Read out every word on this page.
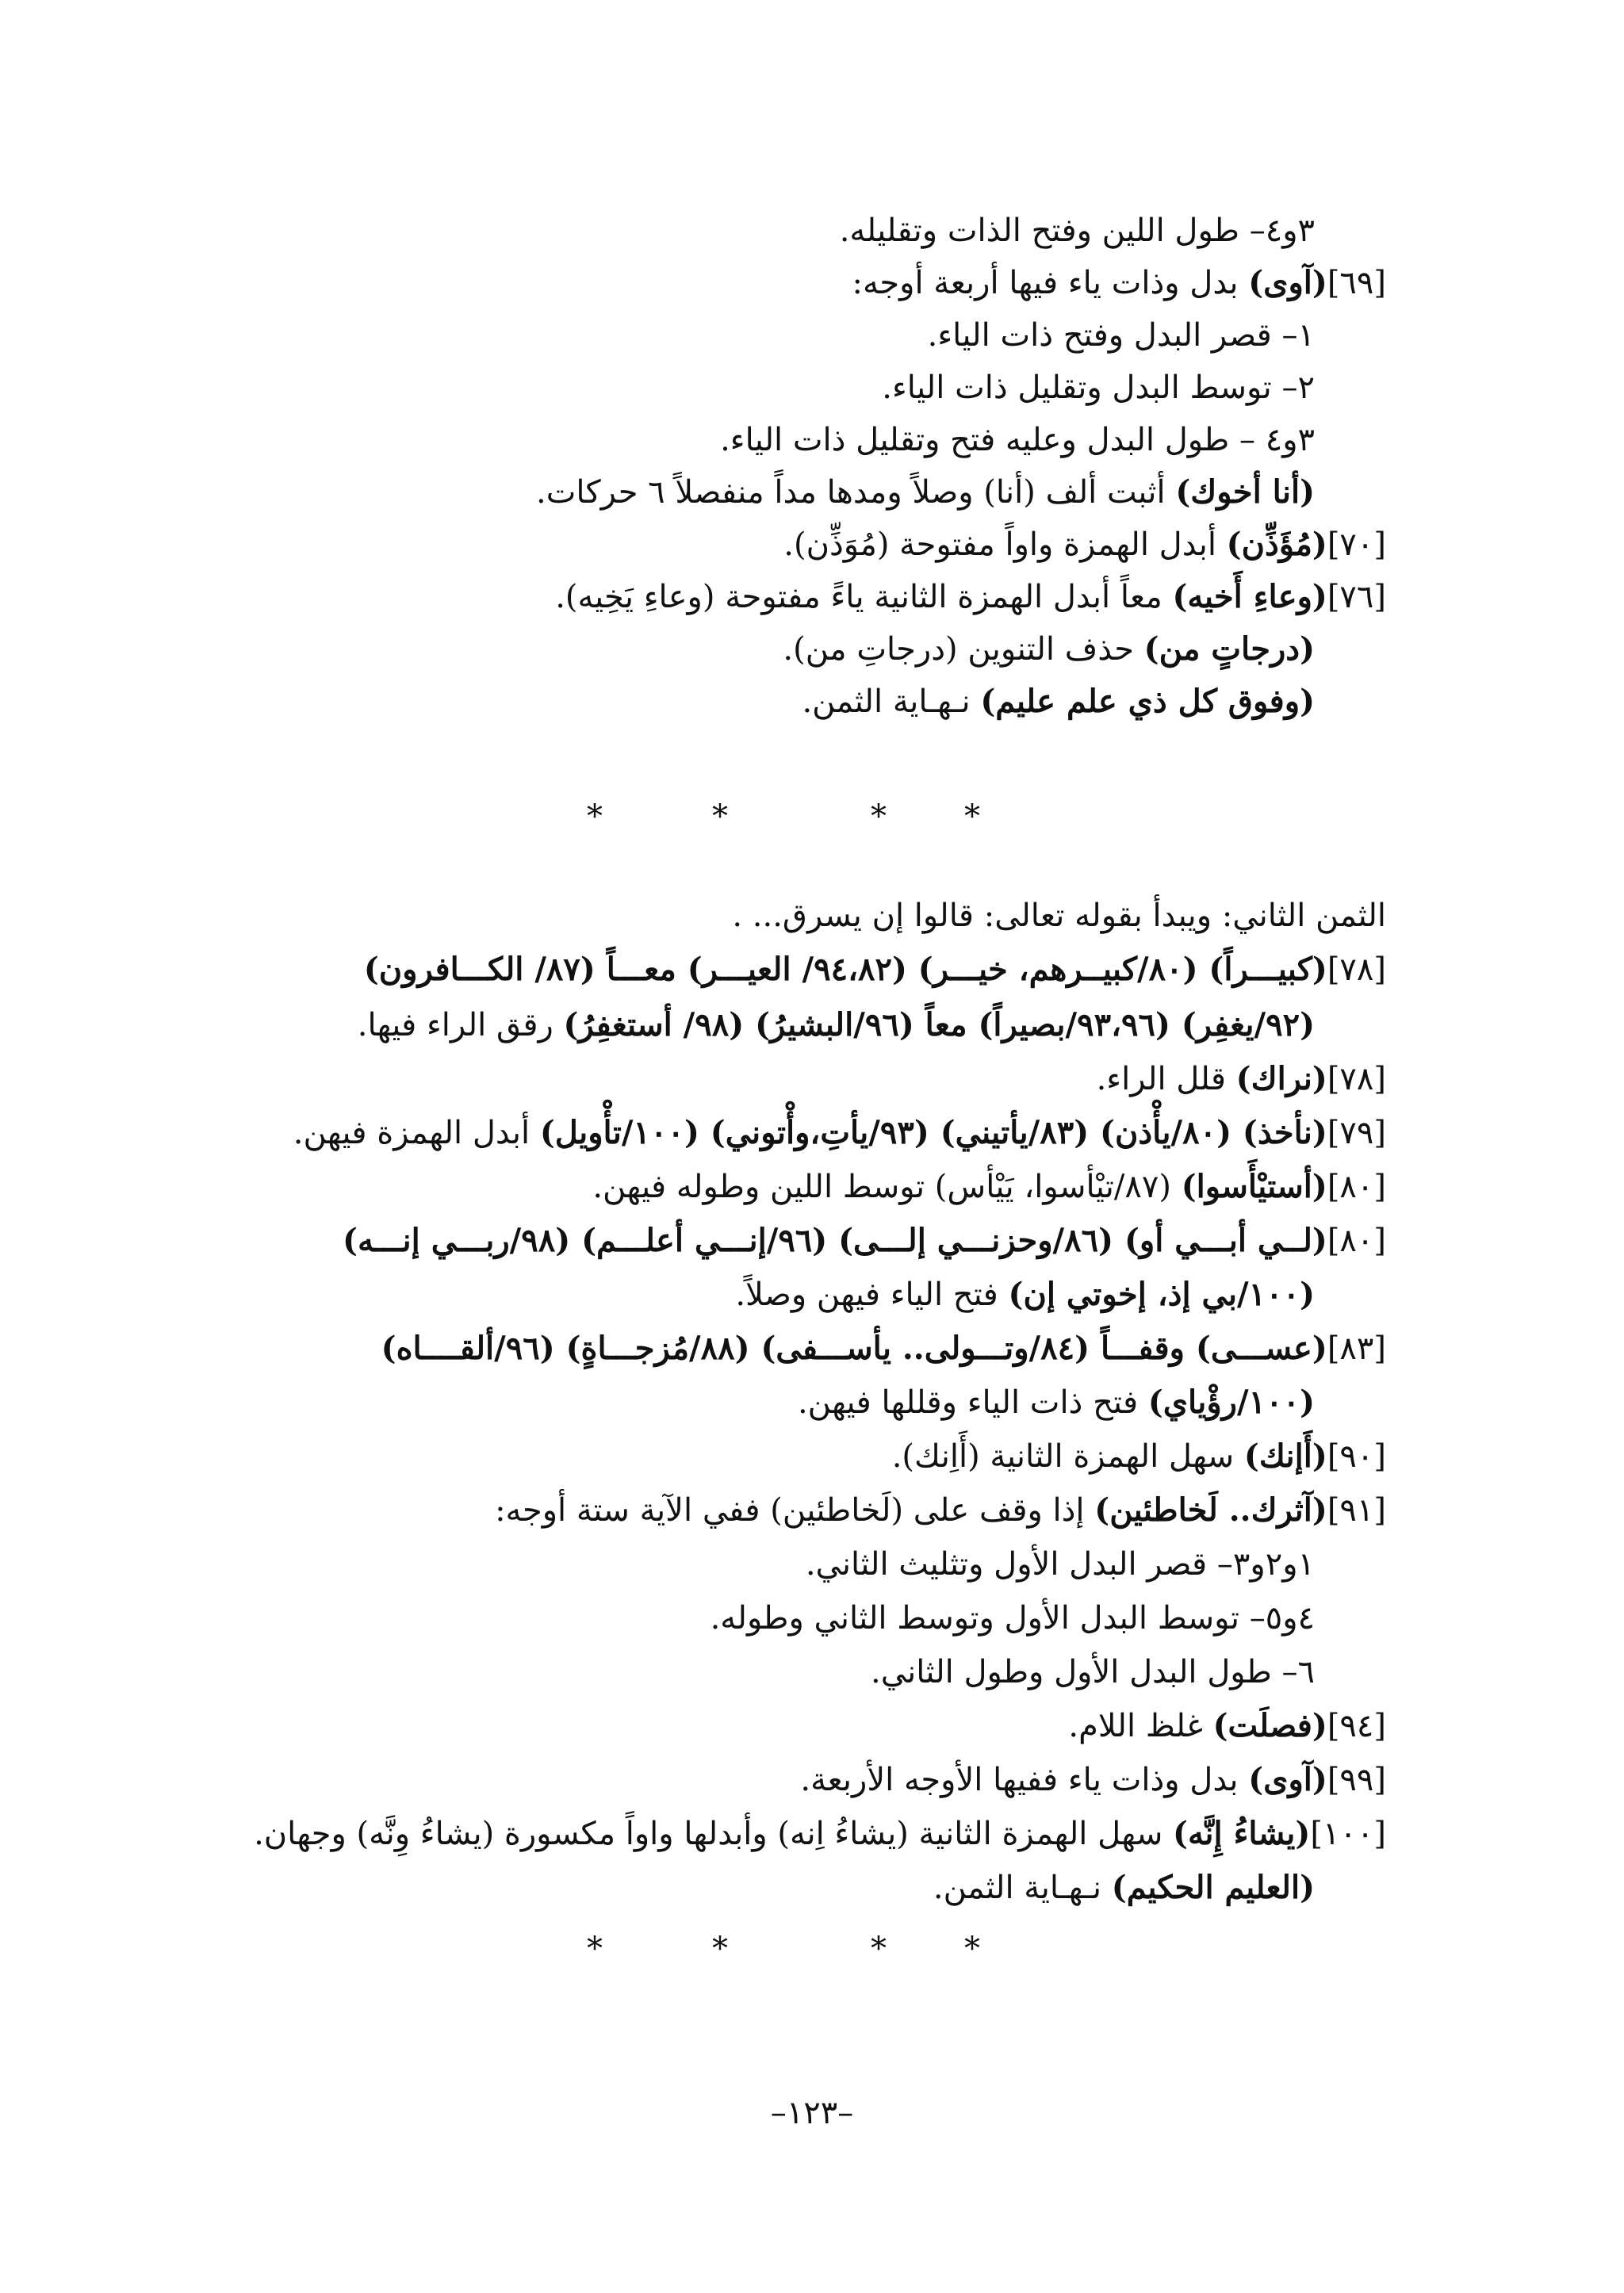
٣و٤– طول اللين وفتح الذات وتقليله.
[٦٩](آوى) بدل وذات ياء فيها أربعة أوجه:
١– قصر البدل وفتح ذات الياء.
٢– توسط البدل وتقليل ذات الياء.
٣و٤ – طول البدل وعليه فتح وتقليل ذات الياء.
(أنا أخوك) أثبت ألف (أنا) وصلاً ومدها مداً منفصلاً ٦ حركات.
[٧٠](مُؤَذِّن) أبدل الهمزة واواً مفتوحة (مُوَذِّن).
[٧٦](وعاءِ أَخيه) معاً أبدل الهمزة الثانية ياءً مفتوحة (وعاءِ يَخِيه).
(درجاتٍ من) حذف التنوين (درجاتِ من).
(وفوق كل ذي علم عليم) نـهـاية الثمن.
*	*	* *
الثمن الثاني: ويبدأ بقوله تعالى: قالوا إن يسرق... .
[٧٨](كبيـــراً) (٨٠/كبيــرهم، خيـــر) (٩٤،٨٢/ العيـــر) معـــاً (٨٧/ الكـــافرون)
(٩٢/يغفِر) (٩٣،٩٦/بصيراً) معاً (٩٦/البشيرُ) (٩٨/ أستغفِرُ) رقق الراء فيها.
[٧٨](نراك) قلل الراء.
[٧٩](نأخذ) (٨٠/يأْذن) (٨٣/يأتيني) (٩٣/يأتِ،وأْتوني) (١٠٠/تأْويل) أبدل الهمزة فيهن.
[٨٠](أستيْأَسوا) (٨٧/تيْأسوا، يَيْأس) توسط اللين وطوله فيهن.
[٨٠](لــي أبـــي أو) (٨٦/وحزنـــي إلـــى) (٩٦/إنـــي أعلـــم) (٩٨/ربـــي إنـــه)
(١٠٠/بي إذ، إخوتي إن) فتح الياء فيهن وصلاً.
[٨٣](عســـى) وقفـــاً (٨٤/وتـــولى.. يأســـفى) (٨٨/مُزجـــاةٍ) (٩٦/ألقــــاه)
(١٠٠/رؤْياي) فتح ذات الياء وقللها فيهن.
[٩٠](أَإنك) سهل الهمزة الثانية (أَاِنك).
[٩١](آثرك.. لَخاطئين) إذا وقف على (لَخاطئين) ففي الآية ستة أوجه:
١و٢و٣– قصر البدل الأول وتثليث الثاني.
٤و٥– توسط البدل الأول وتوسط الثاني وطوله.
٦– طول البدل الأول وطول الثاني.
[٩٤](فصلَت) غلظ اللام.
[٩٩](آوى) بدل وذات ياء ففيها الأوجه الأربعة.
[١٠٠](يشاءُ إِنَّه) سهل الهمزة الثانية (يشاءُ اِنه) وأبدلها واواً مكسورة (يشاءُ وِنَّه) وجهان.
(العليم الحكيم) نـهـاية الثمن.
*	*	* *
–١٢٣–
